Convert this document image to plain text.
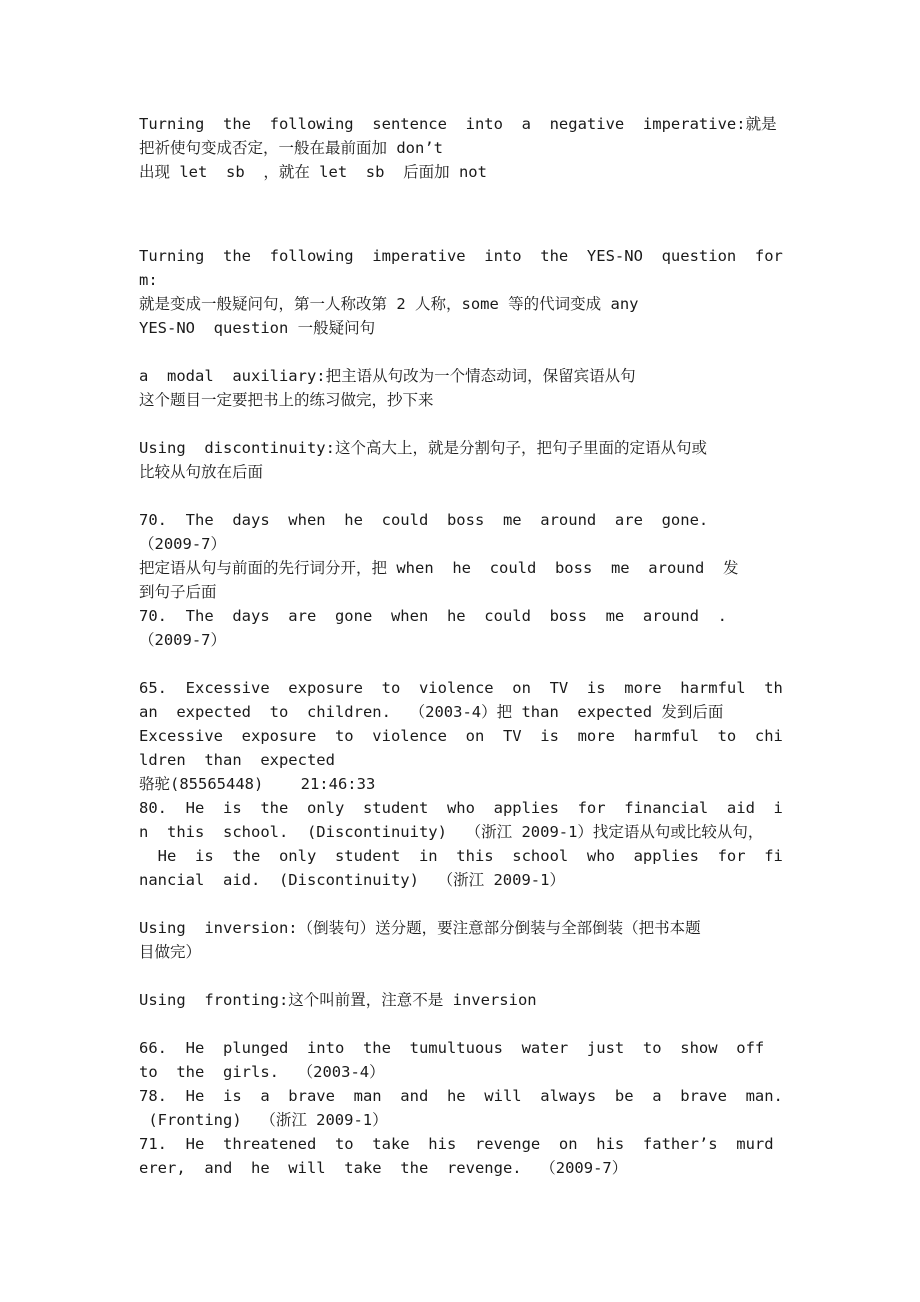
Turning  the  following  sentence  into  a  negative  imperative:就是
把祈使句变成否定，一般在最前面加 don’t
出现 let  sb  ，就在 let  sb  后面加 not
Turning  the  following  imperative  into  the  YES-NO  question  for
m:
就是变成一般疑问句，第一人称改第 2 人称，some 等的代词变成 any
YES-NO  question 一般疑问句
a  modal  auxiliary:把主语从句改为一个情态动词，保留宾语从句
这个题目一定要把书上的练习做完，抄下来
Using  discontinuity:这个高大上，就是分割句子，把句子里面的定语从句或
比较从句放在后面
70.  The  days  when  he  could  boss  me  around  are  gone.
（2009-7）
把定语从句与前面的先行词分开，把 when  he  could  boss  me  around  发
到句子后面
70.  The  days  are  gone  when  he  could  boss  me  around  .
（2009-7）
65.  Excessive  exposure  to  violence  on  TV  is  more  harmful  th
an  expected  to  children.  （2003-4）把 than  expected 发到后面
Excessive  exposure  to  violence  on  TV  is  more  harmful  to  chi
ldren  than  expected
骆驼(85565448)    21:46:33
80.  He  is  the  only  student  who  applies  for  financial  aid  i
n  this  school.  (Discontinuity)  （浙江 2009-1）找定语从句或比较从句，
He  is  the  only  student  in  this  school  who  applies  for  fi
nancial  aid.  (Discontinuity)  （浙江 2009-1）
Using  inversion:（倒装句）送分题，要注意部分倒装与全部倒装（把书本题
目做完）
Using  fronting:这个叫前置，注意不是 inversion
66.  He  plunged  into  the  tumultuous  water  just  to  show  off
to  the  girls.  （2003-4）
78.  He  is  a  brave  man  and  he  will  always  be  a  brave  man.
(Fronting)  （浙江 2009-1）
71.  He  threatened  to  take  his  revenge  on  his  father’s  murd
erer,  and  he  will  take  the  revenge.  （2009-7）
